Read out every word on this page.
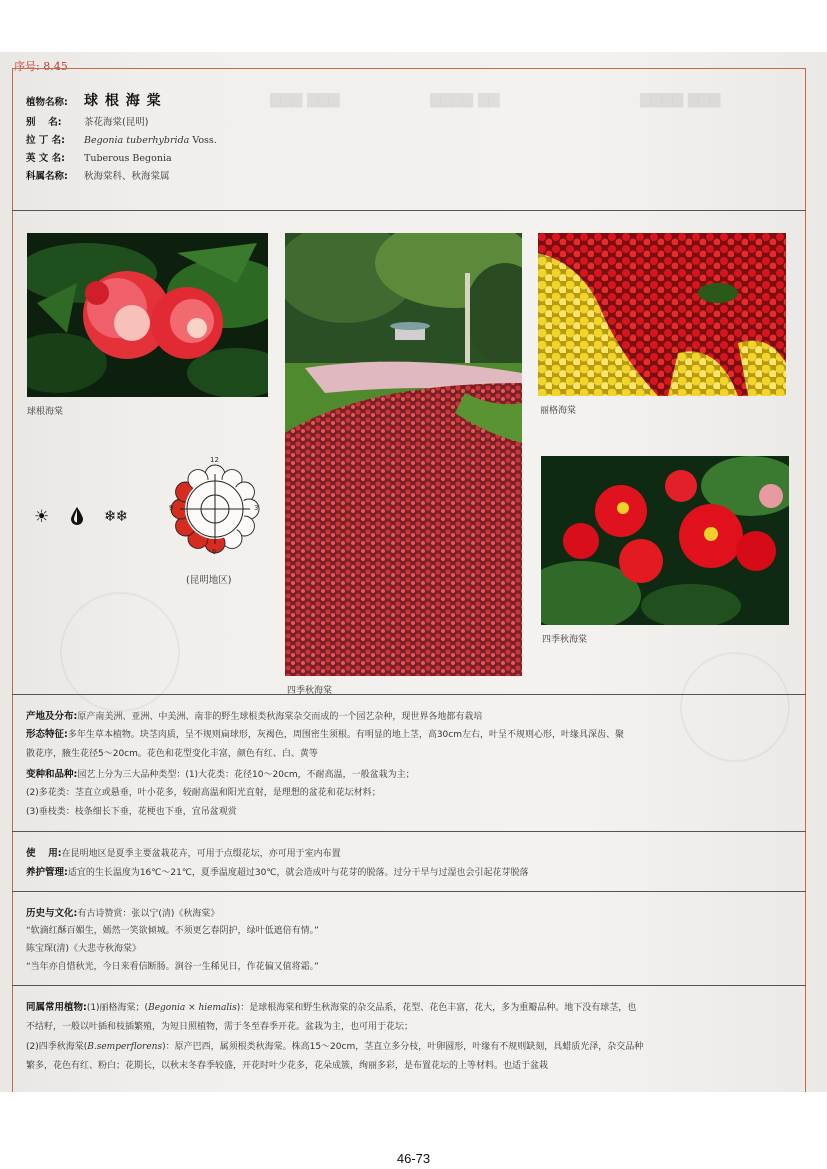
▇▇▇ ▇▇▇	▇▇▇▇ ▇▇	▇▇▇▇ ▇▇▇
序号: 8.45
植物名称: 球 根 海 棠
别　 名: 茶花海棠(昆明)
拉 丁 名: Begonia tuberhybrida Voss.
英 文 名: Tuberous Begonia
科属名称: 秋海棠科、秋海棠属
球根海棠
四季秋海棠
丽格海棠
四季秋海棠
☀	❄❄
12
3
6
9
(昆明地区)
产地及分布:原产南美洲、亚洲、中美洲、南非的野生球根类秋海棠杂交而成的一个园艺杂种，现世界各地都有栽培
形态特征:多年生草本植物。块茎肉质，呈不规则扁球形，灰褐色，周围密生须根。有明显的地上茎，高30cm左右，叶呈不规则心形，叶缘具深齿、聚
散花序，腋生花径5～20cm。花色和花型变化丰富，颜色有红、白、黄等
变种和品种:园艺上分为三大品种类型：(1)大花类：花径10～20cm，不耐高温，一般盆栽为主；
(2)多花类：茎直立或悬垂，叶小花多，较耐高温和阳光直射，是理想的盆花和花坛材料；
(3)垂枝类：枝条细长下垂，花梗也下垂，宜吊盆观赏
使　 用:在昆明地区是夏季主要盆栽花卉，可用于点缀花坛，亦可用于室内布置
养护管理:适宜的生长温度为16℃～21℃，夏季温度超过30℃，就会造成叶与花芽的脱落。过分干旱与过湿也会引起花芽脱落
历史与文化:有古诗赞赏：张以宁(清)《秋海棠》
“软滴红酥百媚生，嫣然一笑欲倾城。不须更乞春阴护，绿叶低遮倍有情。”
陈宝琛(清)《大悲寺秋海棠》
“当年亦自惜秋光，今日来看信断肠。涧谷一生稀见日，作花偏又值将霜。”
同属常用植物:(1)丽格海棠；(Begonia × hiemalis)：是球根海棠和野生秋海棠的杂交品系，花型、花色丰富，花大，多为重瓣品种。地下没有球茎，也
不结籽，一般以叶插和枝插繁殖，为短日照植物，需于冬至春季开花。盆栽为主，也可用于花坛；
(2)四季秋海棠(B.semperflorens)：原产巴西，属须根类秋海棠。株高15～20cm，茎直立多分枝，叶卵圆形，叶缘有不规则缺刻，具蜡质光泽，杂交品种
繁多，花色有红、粉白；花期长，以秋末冬春季较盛，开花时叶少花多，花朵成簇，绚丽多彩，是布置花坛的上等材料。也适于盆栽
46-73
